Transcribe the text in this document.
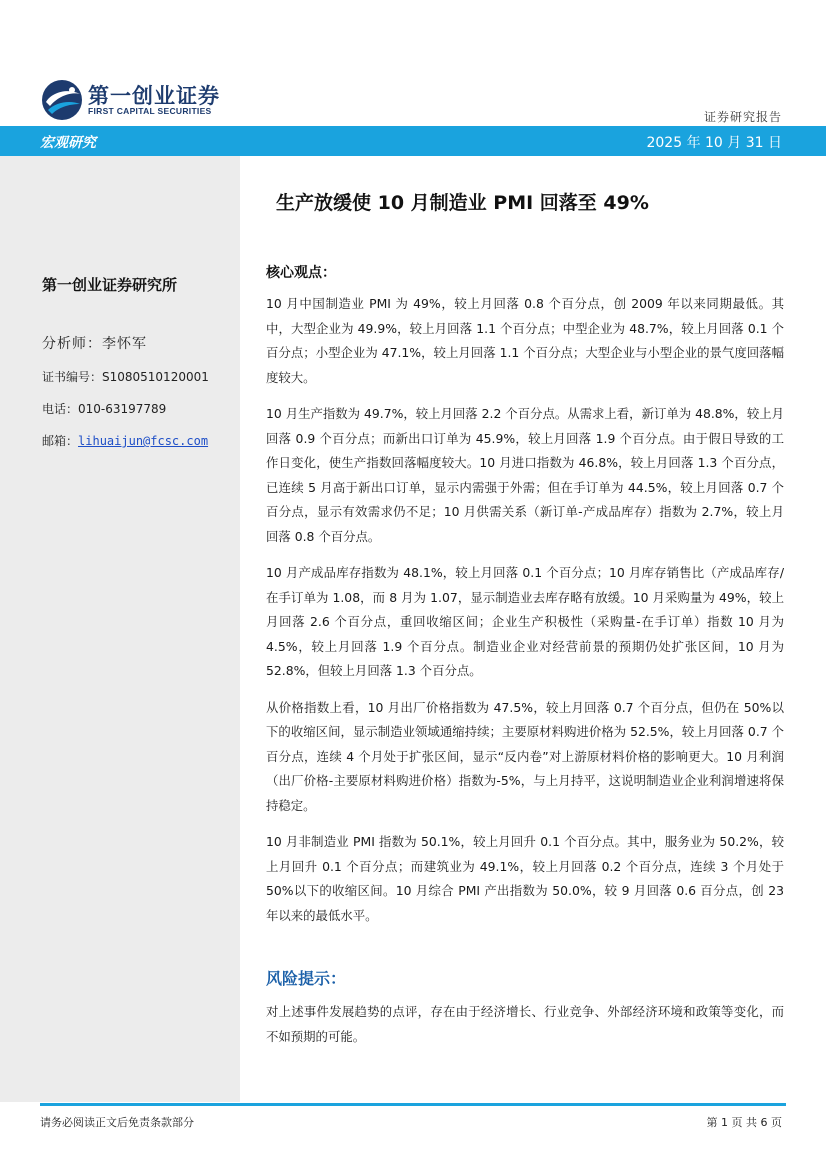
第一创业证券
FIRST CAPITAL SECURITIES	证券研究报告
宏观研究	2025 年 10 月 31 日
第一创业证券研究所
分析师：李怀军
证书编号：S1080510120001
电话：010-63197789
邮箱：lihuaijun@fcsc.com
生产放缓使 10 月制造业 PMI 回落至 49%
核心观点：

10 月中国制造业 PMI 为 49%，较上月回落 0.8 个百分点，创 2009 年以来同期最低。其中，大型企业为 49.9%，较上月回落 1.1 个百分点；中型企业为 48.7%，较上月回落 0.1 个百分点；小型企业为 47.1%，较上月回落 1.1 个百分点；大型企业与小型企业的景气度回落幅度较大。

10 月生产指数为 49.7%，较上月回落 2.2 个百分点。从需求上看，新订单为 48.8%，较上月回落 0.9 个百分点；而新出口订单为 45.9%，较上月回落 1.9 个百分点。由于假日导致的工作日变化，使生产指数回落幅度较大。10 月进口指数为 46.8%，较上月回落 1.3 个百分点，已连续 5 月高于新出口订单，显示内需强于外需；但在手订单为 44.5%，较上月回落 0.7 个百分点，显示有效需求仍不足；10 月供需关系（新订单-产成品库存）指数为 2.7%，较上月回落 0.8 个百分点。

10 月产成品库存指数为 48.1%，较上月回落 0.1 个百分点；10 月库存销售比（产成品库存/在手订单为 1.08，而 8 月为 1.07，显示制造业去库存略有放缓。10 月采购量为 49%，较上月回落 2.6 个百分点，重回收缩区间；企业生产积极性（采购量-在手订单）指数 10 月为 4.5%，较上月回落 1.9 个百分点。制造业企业对经营前景的预期仍处扩张区间，10 月为 52.8%，但较上月回落 1.3 个百分点。

从价格指数上看，10 月出厂价格指数为 47.5%，较上月回落 0.7 个百分点，但仍在 50%以下的收缩区间，显示制造业领域通缩持续；主要原材料购进价格为 52.5%，较上月回落 0.7 个百分点，连续 4 个月处于扩张区间，显示“反内卷”对上游原材料价格的影响更大。10 月利润（出厂价格-主要原材料购进价格）指数为-5%，与上月持平，这说明制造业企业利润增速将保持稳定。

10 月非制造业 PMI 指数为 50.1%，较上月回升 0.1 个百分点。其中，服务业为 50.2%，较上月回升 0.1 个百分点；而建筑业为 49.1%，较上月回落 0.2 个百分点，连续 3 个月处于 50%以下的收缩区间。10 月综合 PMI 产出指数为 50.0%，较 9 月回落 0.6 百分点，创 23 年以来的最低水平。

风险提示：

对上述事件发展趋势的点评，存在由于经济增长、行业竞争、外部经济环境和政策等变化，而不如预期的可能。

请务必阅读正文后免责条款部分	第 1 页 共 6 页
